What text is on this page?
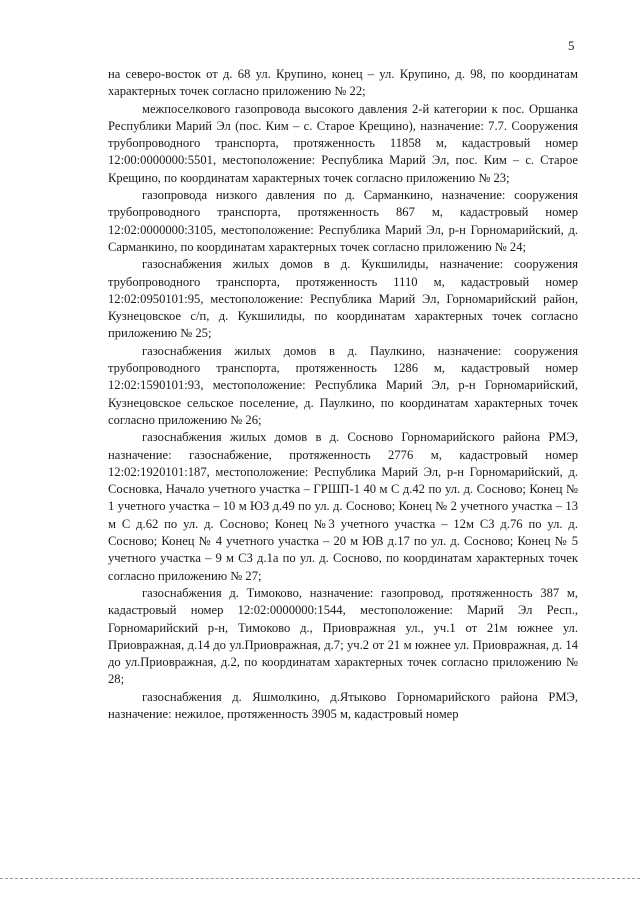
5

на северо-восток от д. 68 ул. Крупино, конец – ул. Крупино, д. 98, по координатам характерных точек согласно приложению № 22;

межпоселкового газопровода высокого давления 2-й категории к пос. Оршанка Республики Марий Эл (пос. Ким – с. Старое Крещино), назначение: 7.7. Сооружения трубопроводного транспорта, протяженность 11858 м, кадастровый номер 12:00:0000000:5501, местоположение: Республика Марий Эл, пос. Ким – с. Старое Крещино, по координатам характерных точек согласно приложению № 23;

газопровода низкого давления по д. Сарманкино, назначение: сооружения трубопроводного транспорта, протяженность 867 м, кадастровый номер 12:02:0000000:3105, местоположение: Республика Марий Эл, р-н Горномарийский, д. Сарманкино, по координатам характерных точек согласно приложению № 24;

газоснабжения жилых домов в д. Кукшилиды, назначение: сооружения трубопроводного транспорта, протяженность 1110 м, кадастровый номер 12:02:0950101:95, местоположение: Республика Марий Эл, Горномарийский район, Кузнецовское с/п, д. Кукшилиды, по координатам характерных точек согласно приложению № 25;

газоснабжения жилых домов в д. Паулкино, назначение: сооружения трубопроводного транспорта, протяженность 1286 м, кадастровый номер 12:02:1590101:93, местоположение: Республика Марий Эл, р-н Горномарийский, Кузнецовское сельское поселение, д. Паулкино, по координатам характерных точек согласно приложению № 26;

газоснабжения жилых домов в д. Сосново Горномарийского района РМЭ, назначение: газоснабжение, протяженность 2776 м, кадастровый номер 12:02:1920101:187, местоположение: Республика Марий Эл, р-н Горномарийский, д. Сосновка, Начало учетного участка – ГРШП-1 40 м С д.42 по ул. д. Сосново; Конец № 1 учетного участка – 10 м ЮЗ д.49 по ул. д. Сосново; Конец № 2 учетного участка – 13 м С д.62 по ул. д. Сосново; Конец №3 учетного участка – 12м СЗ д.76 по ул. д. Сосново; Конец № 4 учетного участка – 20 м ЮВ д.17 по ул. д. Сосново; Конец № 5 учетного участка – 9 м СЗ д.1а по ул. д. Сосново, по координатам характерных точек согласно приложению № 27;

газоснабжения д. Тимоково, назначение: газопровод, протяженность 387 м, кадастровый номер 12:02:0000000:1544, местоположение: Марий Эл Респ., Горномарийский р-н, Тимоково д., Приовражная ул., уч.1 от 21м южнее ул. Приовражная, д.14 до ул.Приовражная, д.7; уч.2 от 21 м южнее ул. Приовражная, д. 14 до ул.Приовражная, д.2, по координатам характерных точек согласно приложению № 28;

газоснабжения д. Яшмолкино, д.Ятыково Горномарийского района РМЭ, назначение: нежилое, протяженность 3905 м, кадастровый номер
